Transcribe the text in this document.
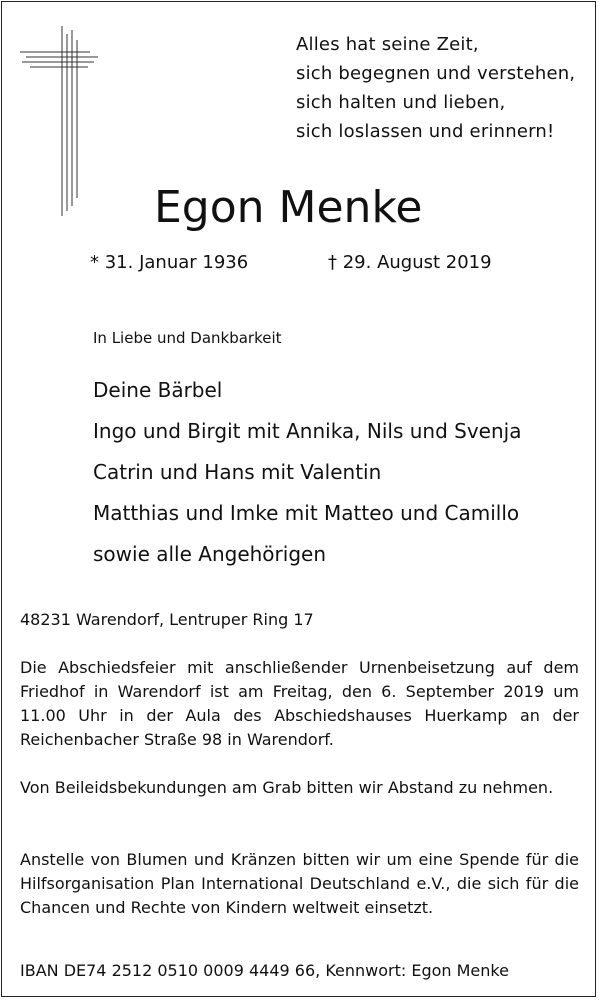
Alles hat seine Zeit,
sich begegnen und verstehen,
sich halten und lieben,
sich loslassen und erinnern!
Egon Menke
* 31. Januar 1936	† 29. August 2019
In Liebe und Dankbarkeit
Deine Bärbel
Ingo und Birgit mit Annika, Nils und Svenja
Catrin und Hans mit Valentin
Matthias und Imke mit Matteo und Camillo
sowie alle Angehörigen
48231 Warendorf, Lentruper Ring 17
Die Abschiedsfeier mit anschließender Urnenbeisetzung auf dem Friedhof in Warendorf ist am Freitag, den 6. September 2019 um 11.00 Uhr in der Aula des Abschiedshauses Huerkamp an der Reichenbacher Straße 98 in Warendorf.
Von Beileidsbekundungen am Grab bitten wir Abstand zu nehmen.
Anstelle von Blumen und Kränzen bitten wir um eine Spende für die Hilfsorganisation Plan International Deutschland e.V., die sich für die Chancen und Rechte von Kindern weltweit einsetzt.
IBAN DE74 2512 0510 0009 4449 66, Kennwort: Egon Menke
